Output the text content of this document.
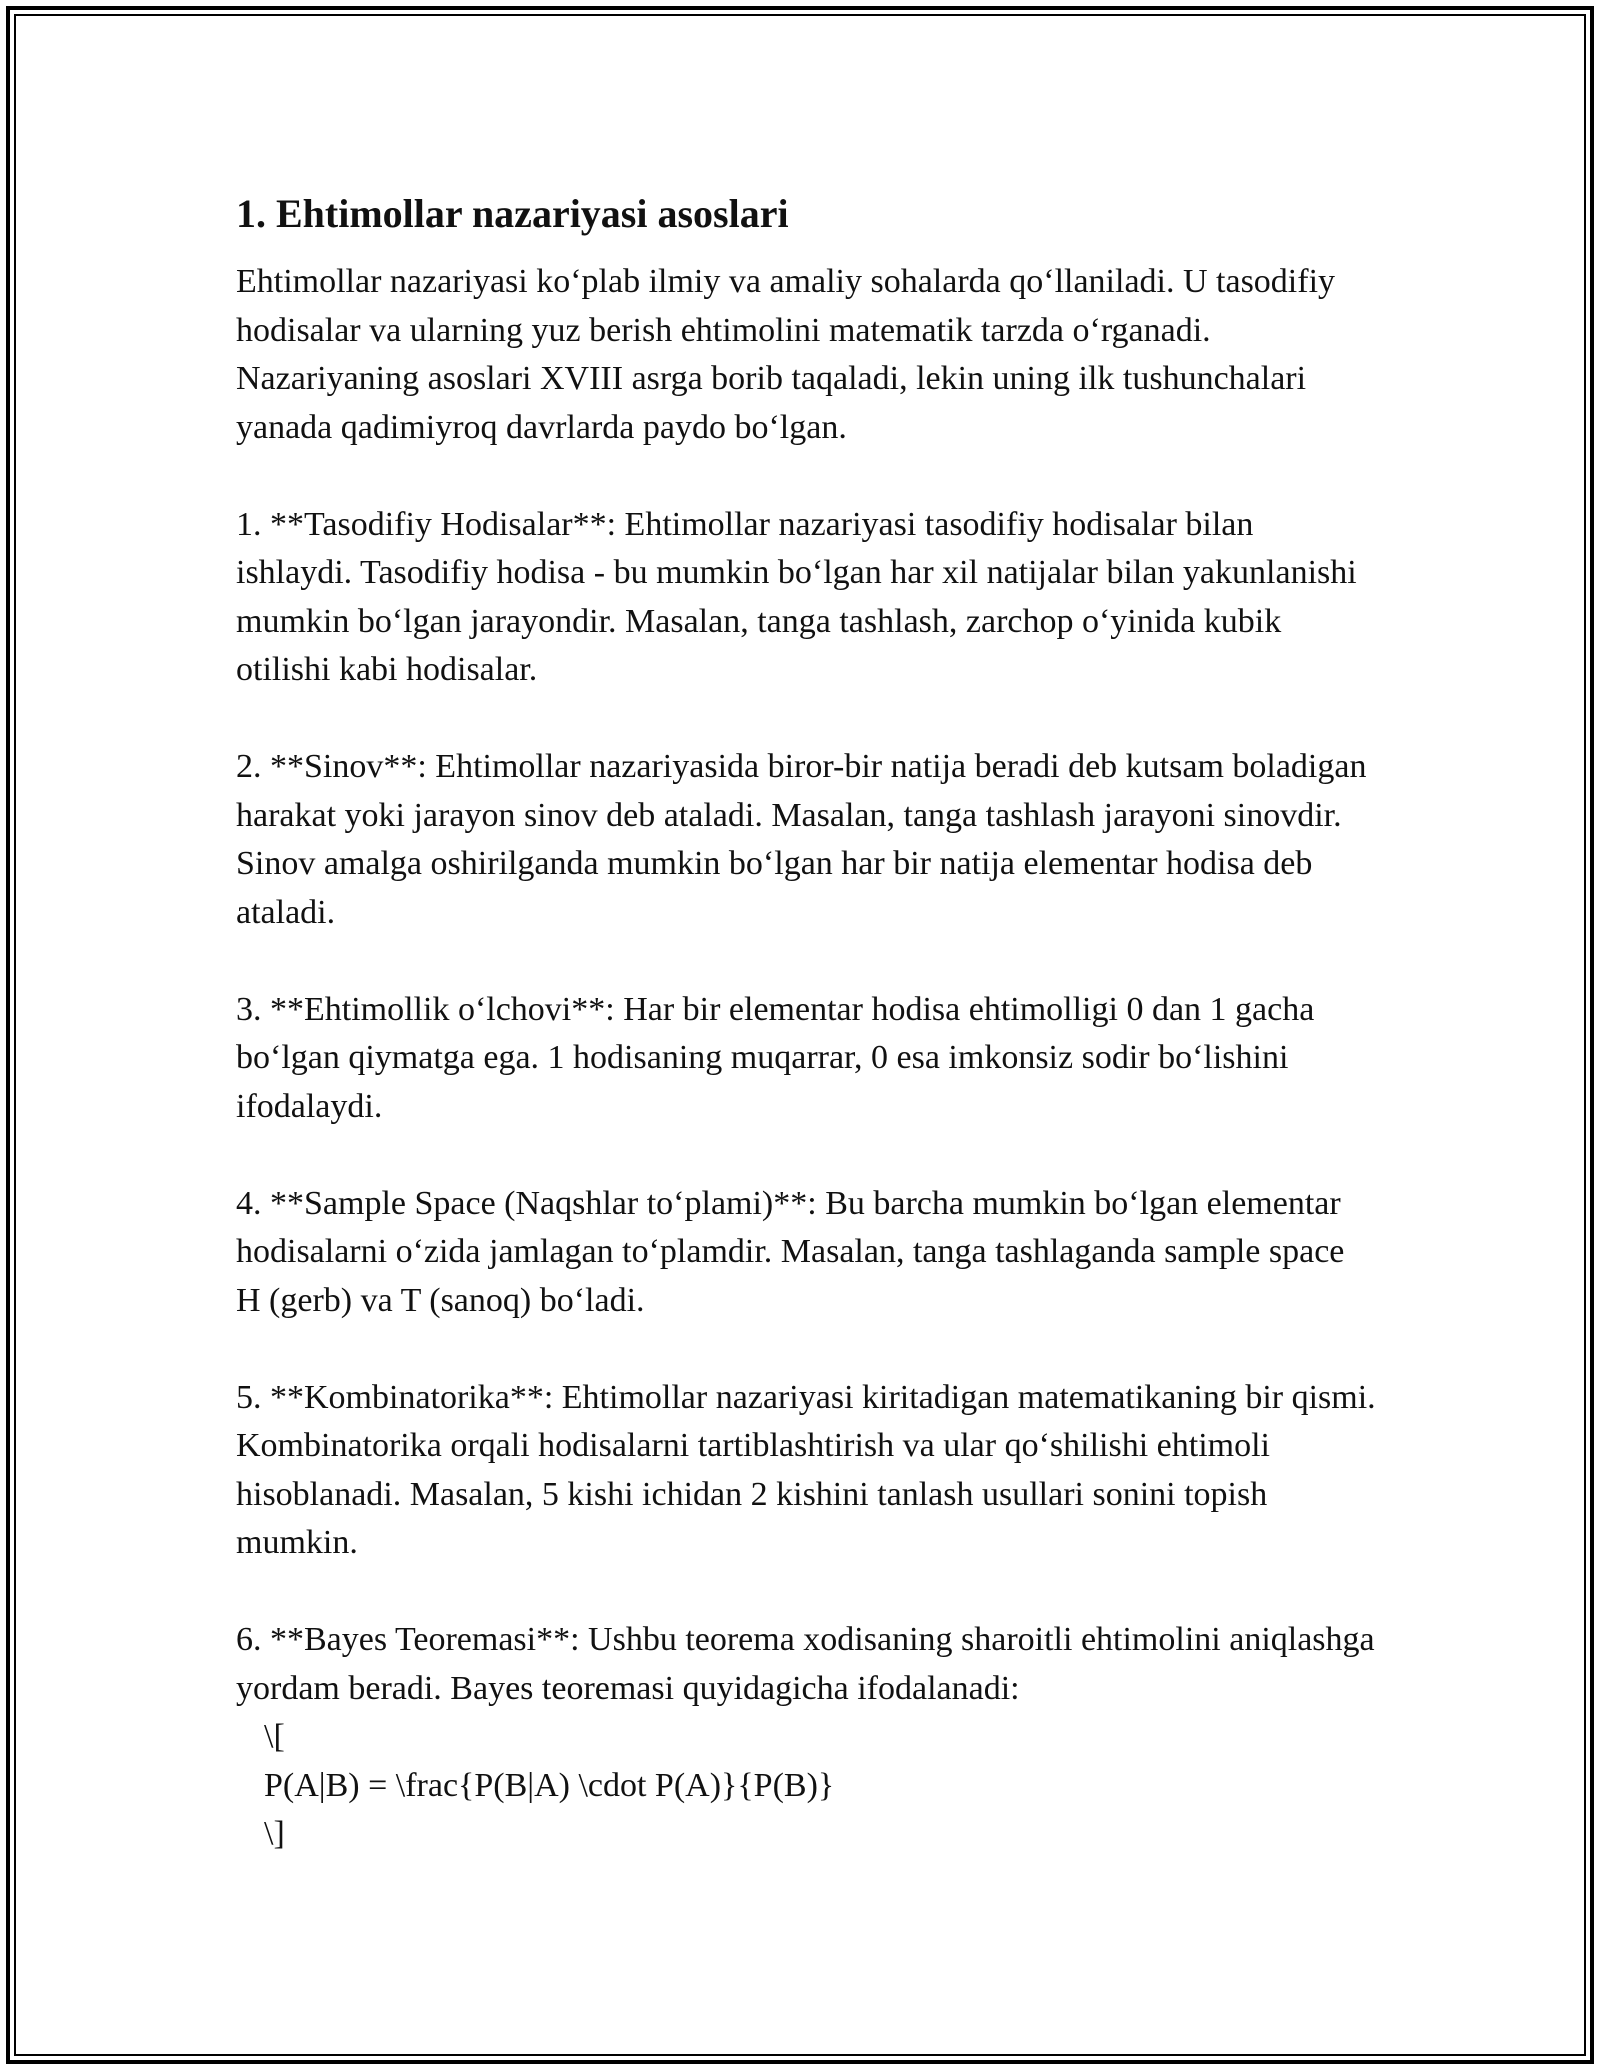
1. Ehtimollar nazariyasi asoslari

Ehtimollar nazariyasi ko‘plab ilmiy va amaliy sohalarda qo‘llaniladi. U tasodifiy hodisalar va ularning yuz berish ehtimolini matematik tarzda o‘rganadi. Nazariyaning asoslari XVIII asrga borib taqaladi, lekin uning ilk tushunchalari yanada qadimiyroq davrlarda paydo bo‘lgan.

1. **Tasodifiy Hodisalar**: Ehtimollar nazariyasi tasodifiy hodisalar bilan ishlaydi. Tasodifiy hodisa - bu mumkin bo‘lgan har xil natijalar bilan yakunlanishi mumkin bo‘lgan jarayondir. Masalan, tanga tashlash, zarchop o‘yinida kubik otilishi kabi hodisalar.

2. **Sinov**: Ehtimollar nazariyasida biror-bir natija beradi deb kutsam boladigan harakat yoki jarayon sinov deb ataladi. Masalan, tanga tashlash jarayoni sinovdir. Sinov amalga oshirilganda mumkin bo‘lgan har bir natija elementar hodisa deb ataladi.

3. **Ehtimollik o‘lchovi**: Har bir elementar hodisa ehtimolligi 0 dan 1 gacha bo‘lgan qiymatga ega. 1 hodisaning muqarrar, 0 esa imkonsiz sodir bo‘lishini ifodalaydi.

4. **Sample Space (Naqshlar to‘plami)**: Bu barcha mumkin bo‘lgan elementar hodisalarni o‘zida jamlagan to‘plamdir. Masalan, tanga tashlaganda sample space H (gerb) va T (sanoq) bo‘ladi.

5. **Kombinatorika**: Ehtimollar nazariyasi kiritadigan matematikaning bir qismi. Kombinatorika orqali hodisalarni tartiblashtirish va ular qo‘shilishi ehtimoli hisoblanadi. Masalan, 5 kishi ichidan 2 kishini tanlash usullari sonini topish mumkin.

6. **Bayes Teoremasi**: Ushbu teorema xodisaning sharoitli ehtimolini aniqlashga yordam beradi. Bayes teoremasi quyidagicha ifodalanadi:

\[
P(A|B) = \frac{P(B|A) \cdot P(A)}{P(B)}
\]
